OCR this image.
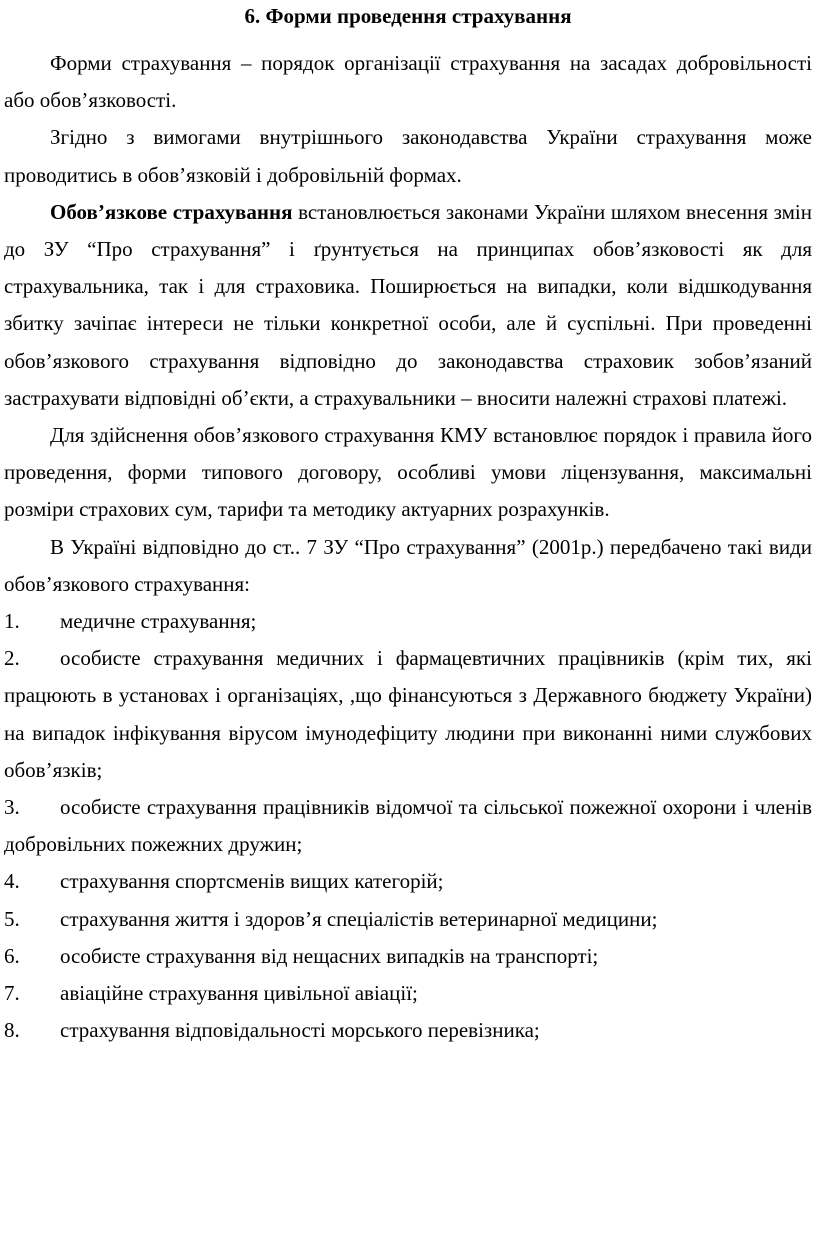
6. Форми проведення страхування

Форми страхування – порядок організації страхування на засадах добровільності або обов’язковості.

Згідно з вимогами внутрішнього законодавства України страхування може проводитись в обов’язковій і добровільній формах.

Обов’язкове страхування встановлюється законами України шляхом внесення змін до ЗУ “Про страхування” і ґрунтується на принципах обов’язковості як для страхувальника, так і для страховика. Поширюється на випадки, коли відшкодування збитку зачіпає інтереси не тільки конкретної особи, але й суспільні. При проведенні обов’язкового страхування відповідно до законодавства страховик зобов’язаний застрахувати відповідні об’єкти, а страхувальники – вносити належні страхові платежі.

Для здійснення обов’язкового страхування КМУ встановлює порядок і правила його проведення, форми типового договору, особливі умови ліцензування, максимальні розміри страхових сум, тарифи та методику актуарних розрахунків.

В Україні відповідно до ст.. 7 ЗУ “Про страхування” (2001р.) передбачено такі види обов’язкового страхування:

1. медичне страхування;

2. особисте страхування медичних і фармацевтичних працівників (крім тих, які працюють в установах і організаціях, ,що фінансуються з Державного бюджету України) на випадок інфікування вірусом імунодефіциту людини при виконанні ними службових обов’язків;

3. особисте страхування працівників відомчої та сільської пожежної охорони і членів добровільних пожежних дружин;

4. страхування спортсменів вищих категорій;

5. страхування життя і здоров’я спеціалістів ветеринарної медицини;

6. особисте страхування від нещасних випадків на транспорті;

7. авіаційне страхування цивільної авіації;

8. страхування відповідальності морського перевізника;
